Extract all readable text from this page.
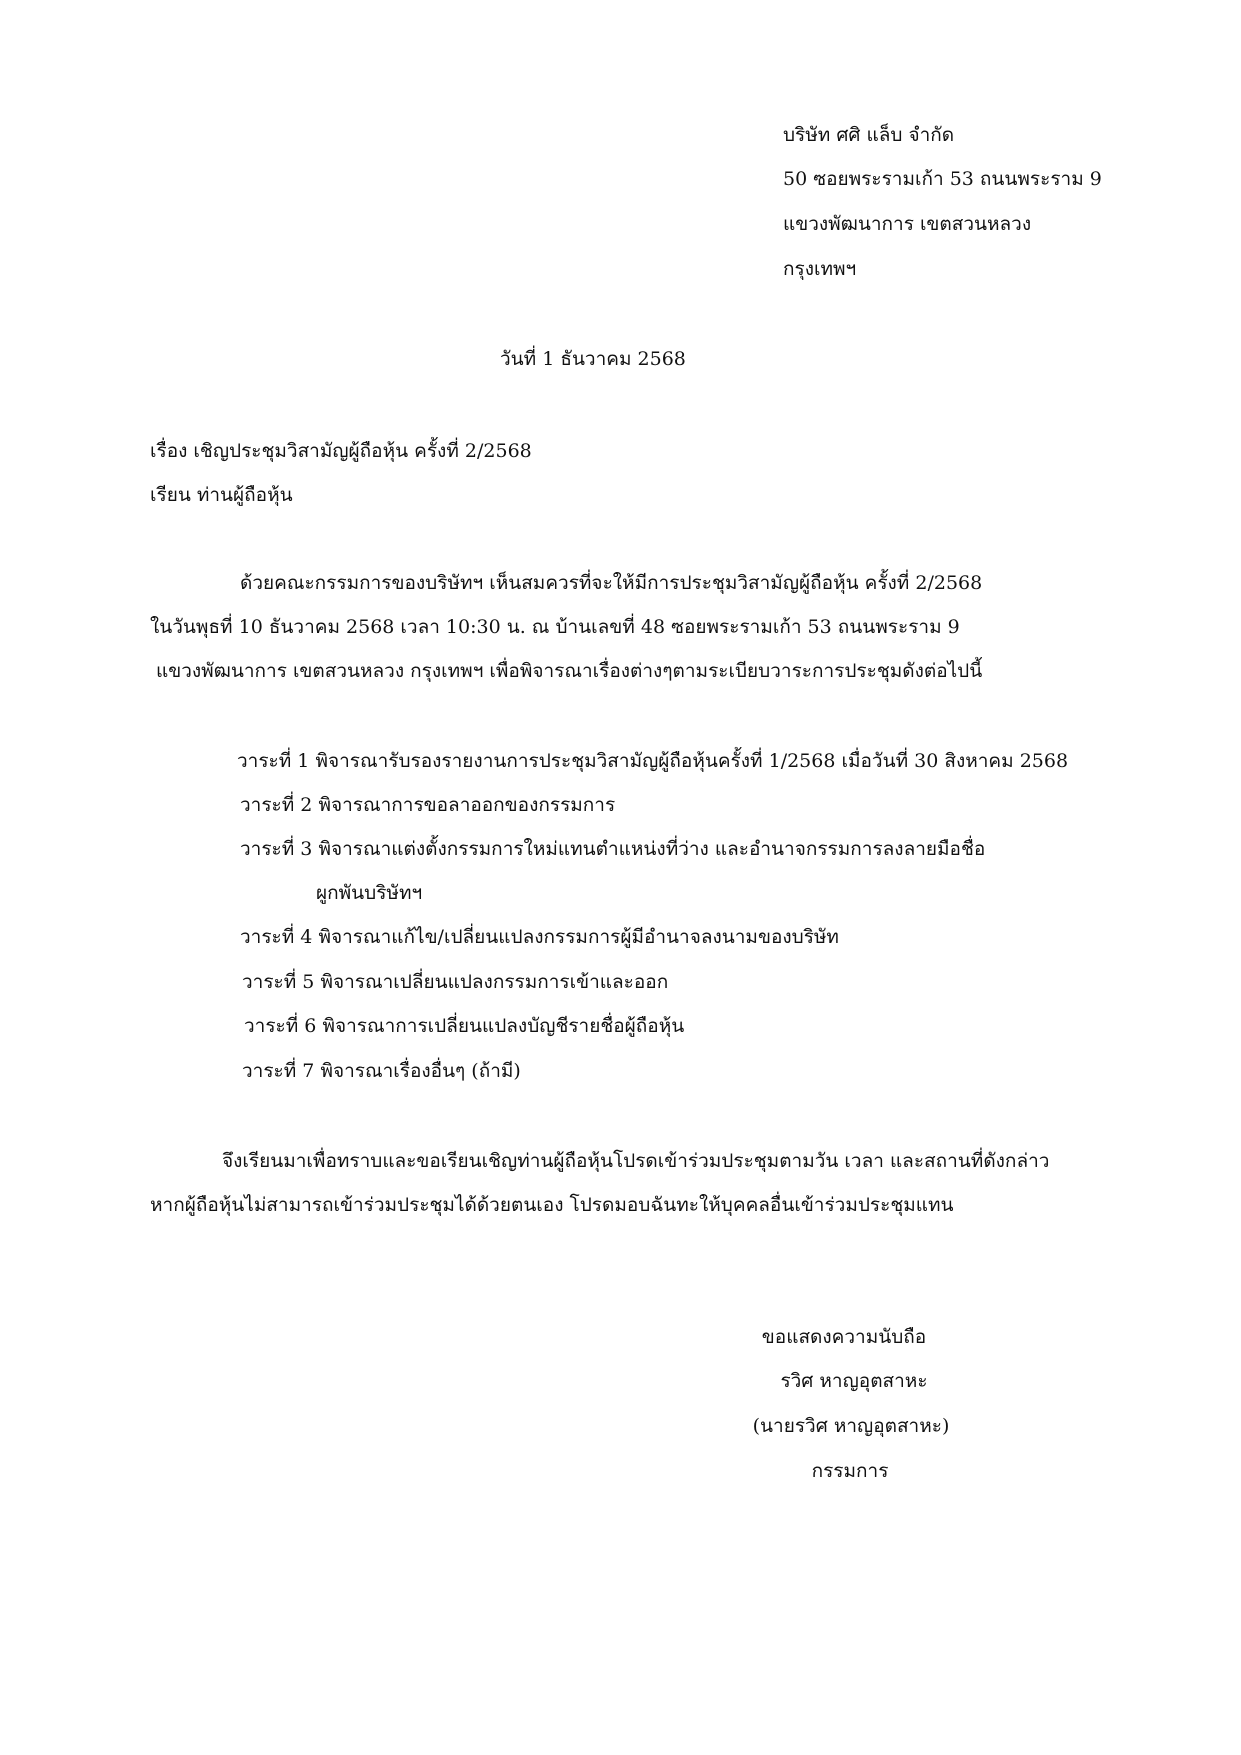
บริษัท ศศิ แล็บ จำกัด
50 ซอยพระรามเก้า 53 ถนนพระราม 9
แขวงพัฒนาการ เขตสวนหลวง
กรุงเทพฯ
วันที่ 1 ธันวาคม 2568
เรื่อง เชิญประชุมวิสามัญผู้ถือหุ้น ครั้งที่ 2/2568
เรียน ท่านผู้ถือหุ้น
ด้วยคณะกรรมการของบริษัทฯ เห็นสมควรที่จะให้มีการประชุมวิสามัญผู้ถือหุ้น ครั้งที่ 2/2568
ในวันพุธที่ 10 ธันวาคม 2568 เวลา 10:30 น. ณ บ้านเลขที่ 48 ซอยพระรามเก้า 53 ถนนพระราม 9
แขวงพัฒนาการ เขตสวนหลวง กรุงเทพฯ เพื่อพิจารณาเรื่องต่างๆตามระเบียบวาระการประชุมดังต่อไปนี้
วาระที่ 1 พิจารณารับรองรายงานการประชุมวิสามัญผู้ถือหุ้นครั้งที่ 1/2568 เมื่อวันที่ 30 สิงหาคม 2568
วาระที่ 2 พิจารณาการขอลาออกของกรรมการ
วาระที่ 3 พิจารณาแต่งตั้งกรรมการใหม่แทนตำแหน่งที่ว่าง และอำนาจกรรมการลงลายมือชื่อ
ผูกพันบริษัทฯ
วาระที่ 4 พิจารณาแก้ไข/เปลี่ยนแปลงกรรมการผู้มีอำนาจลงนามของบริษัท
วาระที่ 5 พิจารณาเปลี่ยนแปลงกรรมการเข้าและออก
วาระที่ 6 พิจารณาการเปลี่ยนแปลงบัญชีรายชื่อผู้ถือหุ้น
วาระที่ 7 พิจารณาเรื่องอื่นๆ (ถ้ามี)
จึงเรียนมาเพื่อทราบและขอเรียนเชิญท่านผู้ถือหุ้นโปรดเข้าร่วมประชุมตามวัน เวลา และสถานที่ดังกล่าว
หากผู้ถือหุ้นไม่สามารถเข้าร่วมประชุมได้ด้วยตนเอง โปรดมอบฉันทะให้บุคคลอื่นเข้าร่วมประชุมแทน
ขอแสดงความนับถือ
รวิศ หาญอุตสาหะ
(นายรวิศ หาญอุตสาหะ)
กรรมการ
